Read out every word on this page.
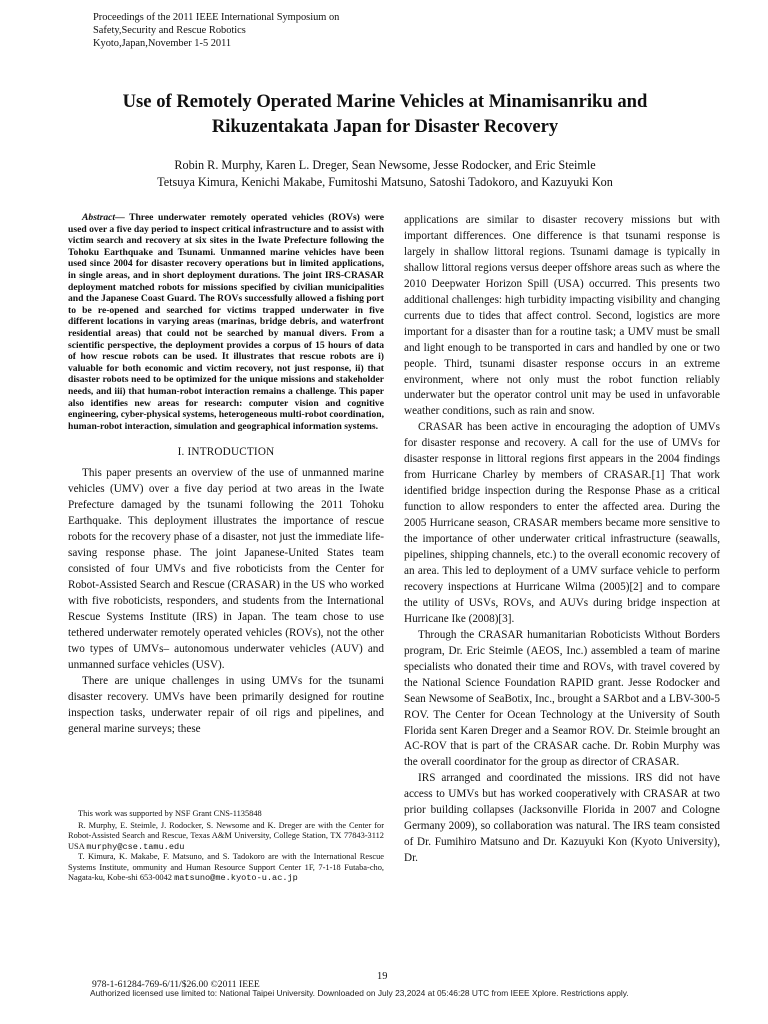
Proceedings of the 2011 IEEE International Symposium on
Safety,Security and Rescue Robotics
Kyoto,Japan,November 1-5 2011
Use of Remotely Operated Marine Vehicles at Minamisanriku and
Rikuzentakata Japan for Disaster Recovery
Robin R. Murphy, Karen L. Dreger, Sean Newsome, Jesse Rodocker, and Eric Steimle
Tetsuya Kimura, Kenichi Makabe, Fumitoshi Matsuno, Satoshi Tadokoro, and Kazuyuki Kon

Abstract— Three underwater remotely operated vehicles (ROVs) were used over a five day period to inspect critical infrastructure and to assist with victim search and recovery at six sites in the Iwate Prefecture following the Tohoku Earthquake and Tsunami. Unmanned marine vehicles have been used since 2004 for disaster recovery operations but in limited applications, in single areas, and in short deployment durations. The joint IRS-CRASAR deployment matched robots for missions specified by civilian municipalities and the Japanese Coast Guard. The ROVs successfully allowed a fishing port to be re-opened and searched for victims trapped underwater in five different locations in varying areas (marinas, bridge debris, and waterfront residential areas) that could not be searched by manual divers. From a scientific perspective, the deployment provides a corpus of 15 hours of data of how rescue robots can be used. It illustrates that rescue robots are i) valuable for both economic and victim recovery, not just response, ii) that disaster robots need to be optimized for the unique missions and stakeholder needs, and iii) that human-robot interaction remains a challenge. This paper also identifies new areas for research: computer vision and cognitive engineering, cyber-physical systems, heterogeneous multi-robot coordination, human-robot interaction, simulation and geographical information systems.

I. INTRODUCTION

This paper presents an overview of the use of unmanned marine vehicles (UMV) over a five day period at two areas in the Iwate Prefecture damaged by the tsunami following the 2011 Tohoku Earthquake. This deployment illustrates the importance of rescue robots for the recovery phase of a disaster, not just the immediate life-saving response phase. The joint Japanese-United States team consisted of four UMVs and five roboticists from the Center for Robot-Assisted Search and Rescue (CRASAR) in the US who worked with five roboticists, responders, and students from the International Rescue Systems Institute (IRS) in Japan. The team chose to use tethered underwater remotely operated vehicles (ROVs), not the other two types of UMVs– autonomous underwater vehicles (AUV) and unmanned surface vehicles (USV).

There are unique challenges in using UMVs for the tsunami disaster recovery. UMVs have been primarily designed for routine inspection tasks, underwater repair of oil rigs and pipelines, and general marine surveys; these

This work was supported by NSF Grant CNS-1135848

R. Murphy, E. Steimle, J. Rodocker, S. Newsome and K. Dreger are with the Center for Robot-Assisted Search and Rescue, Texas A&M University, College Station, TX 77843-3112 USA murphy@cse.tamu.edu

T. Kimura, K. Makabe, F. Matsuno, and S. Tadokoro are with the International Rescue Systems Institute, ommunity and Human Resource Support Center 1F, 7-1-18 Futaba-cho, Nagata-ku, Kobe-shi 653-0042 matsuno@me.kyoto-u.ac.jp

applications are similar to disaster recovery missions but with important differences. One difference is that tsunami response is largely in shallow littoral regions. Tsunami damage is typically in shallow littoral regions versus deeper offshore areas such as where the 2010 Deepwater Horizon Spill (USA) occurred. This presents two additional challenges: high turbidity impacting visibility and changing currents due to tides that affect control. Second, logistics are more important for a disaster than for a routine task; a UMV must be small and light enough to be transported in cars and handled by one or two people. Third, tsunami disaster response occurs in an extreme environment, where not only must the robot function reliably underwater but the operator control unit may be used in unfavorable weather conditions, such as rain and snow.

CRASAR has been active in encouraging the adoption of UMVs for disaster response and recovery. A call for the use of UMVs for disaster response in littoral regions first appears in the 2004 findings from Hurricane Charley by members of CRASAR.[1] That work identified bridge inspection during the Response Phase as a critical function to allow responders to enter the affected area. During the 2005 Hurricane season, CRASAR members became more sensitive to the importance of other underwater critical infrastructure (seawalls, pipelines, shipping channels, etc.) to the overall economic recovery of an area. This led to deployment of a UMV surface vehicle to perform recovery inspections at Hurricane Wilma (2005)[2] and to compare the utility of USVs, ROVs, and AUVs during bridge inspection at Hurricane Ike (2008)[3].

Through the CRASAR humanitarian Roboticists Without Borders program, Dr. Eric Steimle (AEOS, Inc.) assembled a team of marine specialists who donated their time and ROVs, with travel covered by the National Science Foundation RAPID grant. Jesse Rodocker and Sean Newsome of SeaBotix, Inc., brought a SARbot and a LBV-300-5 ROV. The Center for Ocean Technology at the University of South Florida sent Karen Dreger and a Seamor ROV. Dr. Steimle brought an AC-ROV that is part of the CRASAR cache. Dr. Robin Murphy was the overall coordinator for the group as director of CRASAR.

IRS arranged and coordinated the missions. IRS did not have access to UMVs but has worked cooperatively with CRASAR at two prior building collapses (Jacksonville Florida in 2007 and Cologne Germany 2009), so collaboration was natural. The IRS team consisted of Dr. Fumihiro Matsuno and Dr. Kazuyuki Kon (Kyoto University), Dr.

19
978-1-61284-769-6/11/$26.00 ©2011 IEEE
Authorized licensed use limited to: National Taipei University. Downloaded on July 23,2024 at 05:46:28 UTC from IEEE Xplore. Restrictions apply.
